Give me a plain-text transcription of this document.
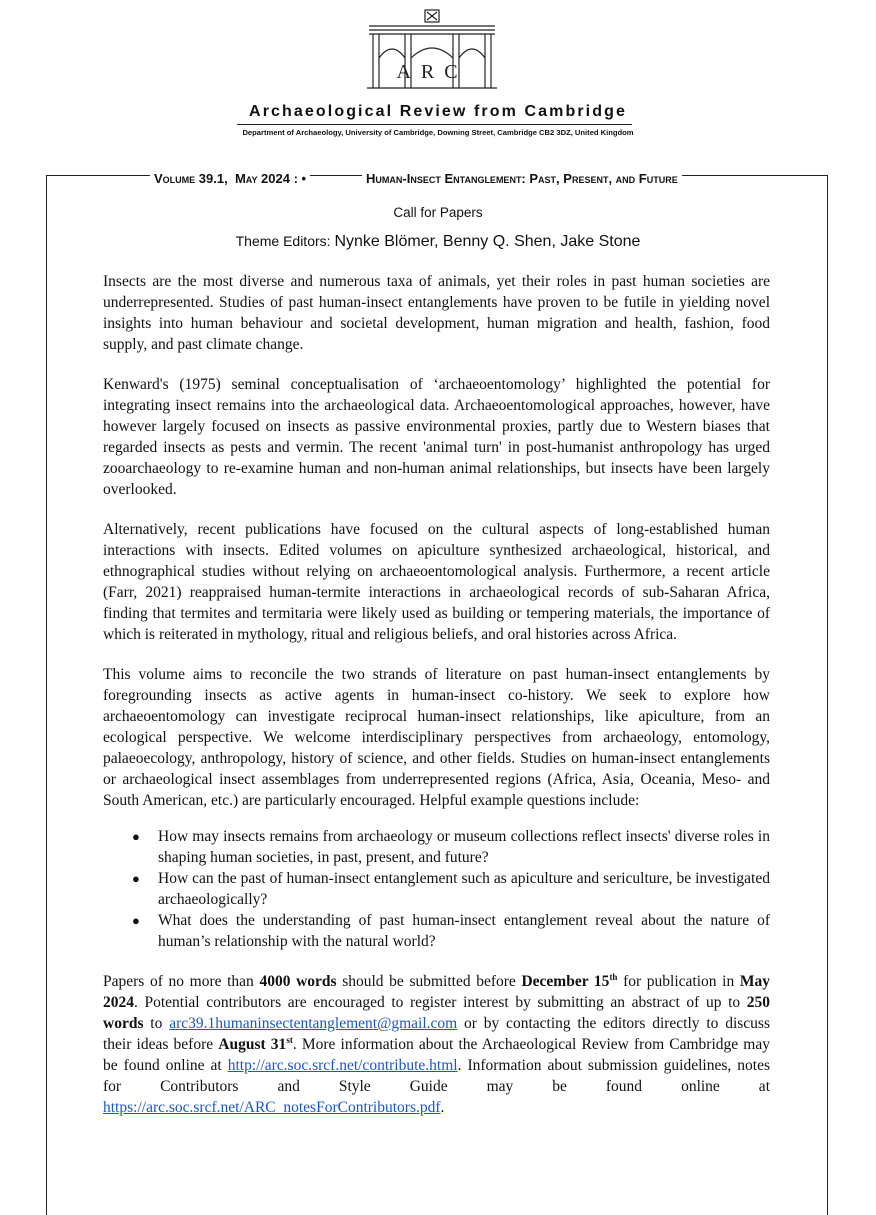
ARC
Archaeological Review from Cambridge
Department of Archaeology, University of Cambridge, Downing Street, Cambridge CB2 3DZ, United Kingdom
Volume 39.1, May 2024 : •	Human-Insect Entanglement: Past, Present, and Future
Call for Papers
Theme Editors: Nynke Blömer, Benny Q. Shen, Jake Stone

Insects are the most diverse and numerous taxa of animals, yet their roles in past human societies are underrepresented. Studies of past human-insect entanglements have proven to be futile in yielding novel insights into human behaviour and societal development, human migration and health, fashion, food supply, and past climate change.

Kenward's (1975) seminal conceptualisation of ‘archaeoentomology’ highlighted the potential for integrating insect remains into the archaeological data. Archaeoentomological approaches, however, have however largely focused on insects as passive environmental proxies, partly due to Western biases that regarded insects as pests and vermin. The recent 'animal turn' in post-humanist anthropology has urged zooarchaeology to re-examine human and non-human animal relationships, but insects have been largely overlooked.

Alternatively, recent publications have focused on the cultural aspects of long-established human interactions with insects. Edited volumes on apiculture synthesized archaeological, historical, and ethnographical studies without relying on archaeoentomological analysis. Furthermore, a recent article (Farr, 2021) reappraised human-termite interactions in archaeological records of sub-Saharan Africa, finding that termites and termitaria were likely used as building or tempering materials, the importance of which is reiterated in mythology, ritual and religious beliefs, and oral histories across Africa.

This volume aims to reconcile the two strands of literature on past human-insect entanglements by foregrounding insects as active agents in human-insect co-history. We seek to explore how archaeoentomology can investigate reciprocal human-insect relationships, like apiculture, from an ecological perspective. We welcome interdisciplinary perspectives from archaeology, entomology, palaeoecology, anthropology, history of science, and other fields. Studies on human-insect entanglements or archaeological insect assemblages from underrepresented regions (Africa, Asia, Oceania, Meso- and South American, etc.) are particularly encouraged. Helpful example questions include:

● How may insects remains from archaeology or museum collections reflect insects' diverse roles in shaping human societies, in past, present, and future?
● How can the past of human-insect entanglement such as apiculture and sericulture, be investigated archaeologically?
● What does the understanding of past human-insect entanglement reveal about the nature of human’s relationship with the natural world?

Papers of no more than 4000 words should be submitted before December 15th for publication in May 2024. Potential contributors are encouraged to register interest by submitting an abstract of up to 250 words to arc39.1humaninsectentanglement@gmail.com or by contacting the editors directly to discuss their ideas before August 31st. More information about the Archaeological Review from Cambridge may be found online at http://arc.soc.srcf.net/contribute.html. Information about submission guidelines, notes for Contributors and Style Guide may be found online at https://arc.soc.srcf.net/ARC_notesForContributors.pdf.
